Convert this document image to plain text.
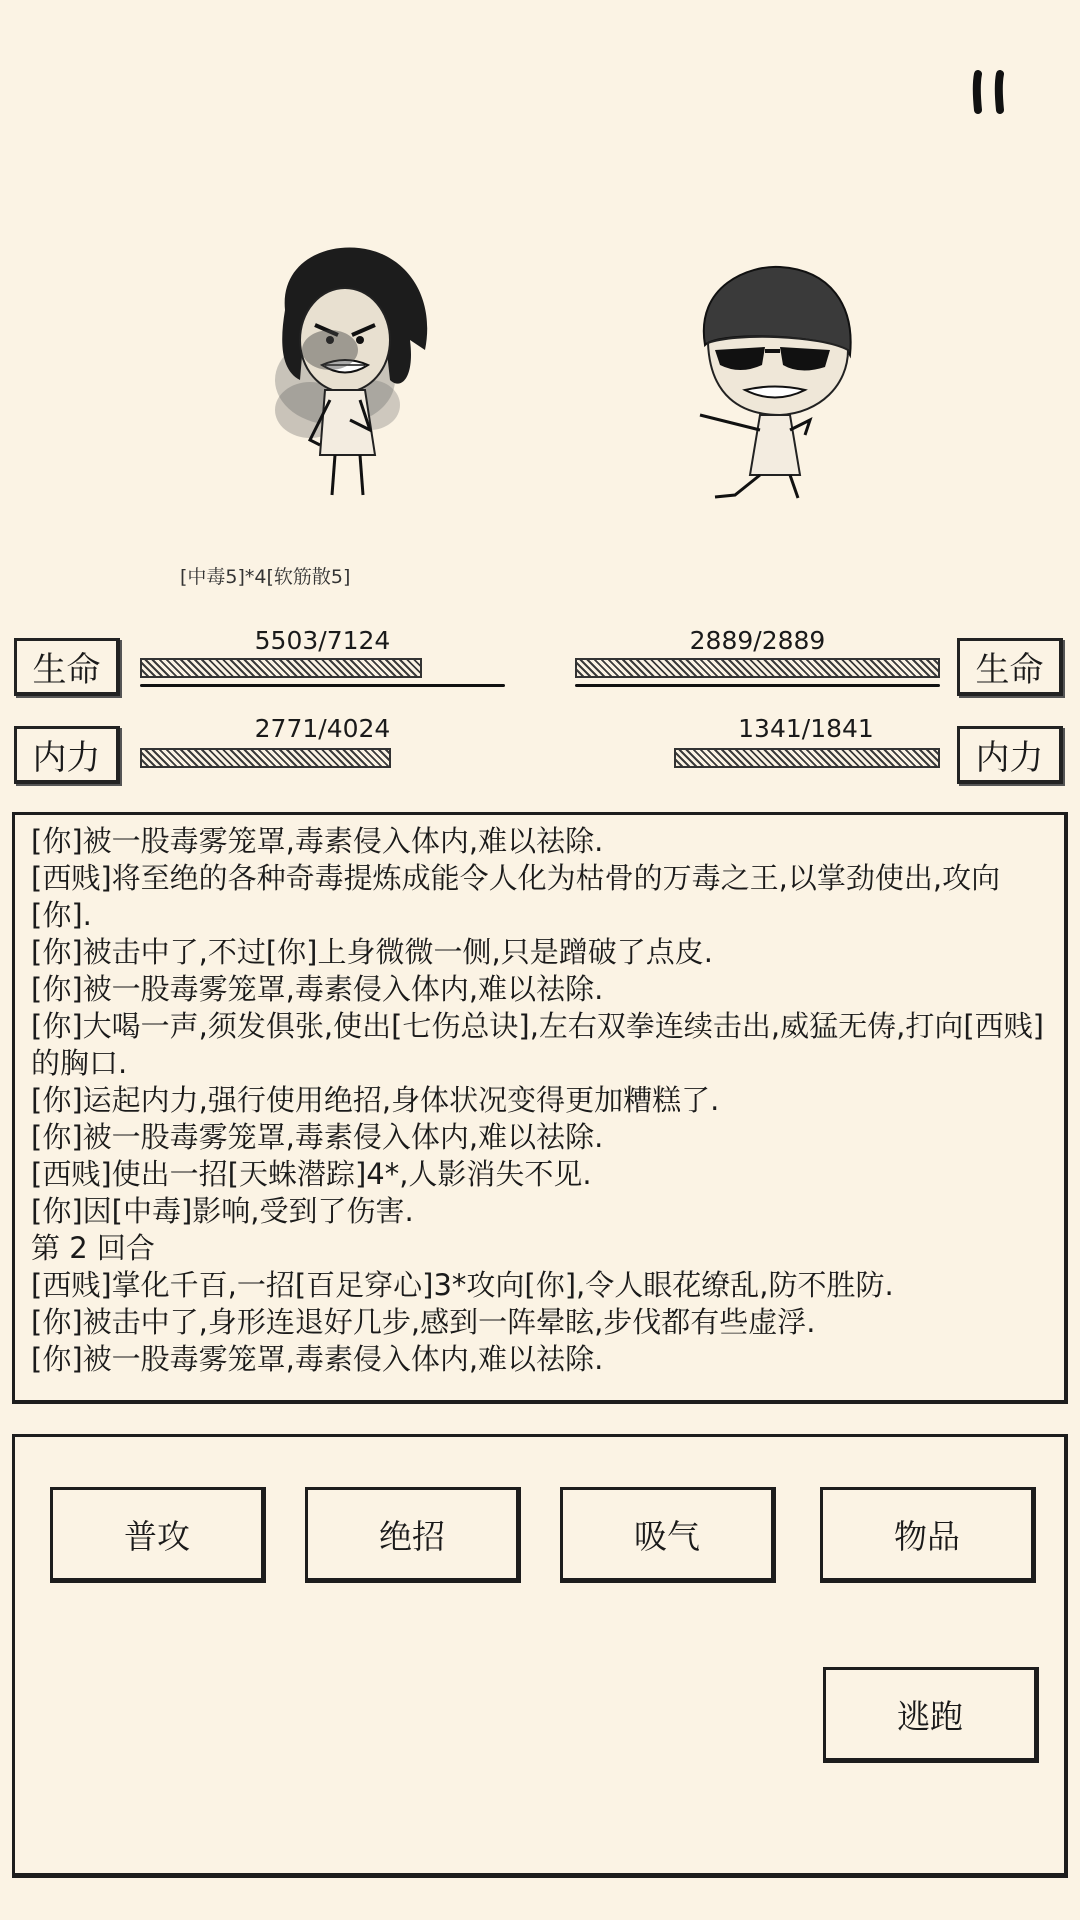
[中毒5]*4[软筋散5]
生命
5503/7124
内力
2771/4024
生命
2889/2889
内力
1341/1841
[你]被一股毒雾笼罩,毒素侵入体内,难以祛除.
[西贱]将至绝的各种奇毒提炼成能令人化为枯骨的万毒之王,以掌劲使出,攻向[你].
[你]被击中了,不过[你]上身微微一侧,只是蹭破了点皮.
[你]被一股毒雾笼罩,毒素侵入体内,难以祛除.
[你]大喝一声,须发俱张,使出[七伤总诀],左右双拳连续击出,威猛无俦,打向[西贱]的胸口.
[你]运起内力,强行使用绝招,身体状况变得更加糟糕了.
[你]被一股毒雾笼罩,毒素侵入体内,难以祛除.
[西贱]使出一招[天蛛潜踪]4*,人影消失不见.
[你]因[中毒]影响,受到了伤害.
第 2 回合
[西贱]掌化千百,一招[百足穿心]3*攻向[你],令人眼花缭乱,防不胜防.
[你]被击中了,身形连退好几步,感到一阵晕眩,步伐都有些虚浮.
[你]被一股毒雾笼罩,毒素侵入体内,难以祛除.
普攻	绝招	吸气	物品
逃跑
